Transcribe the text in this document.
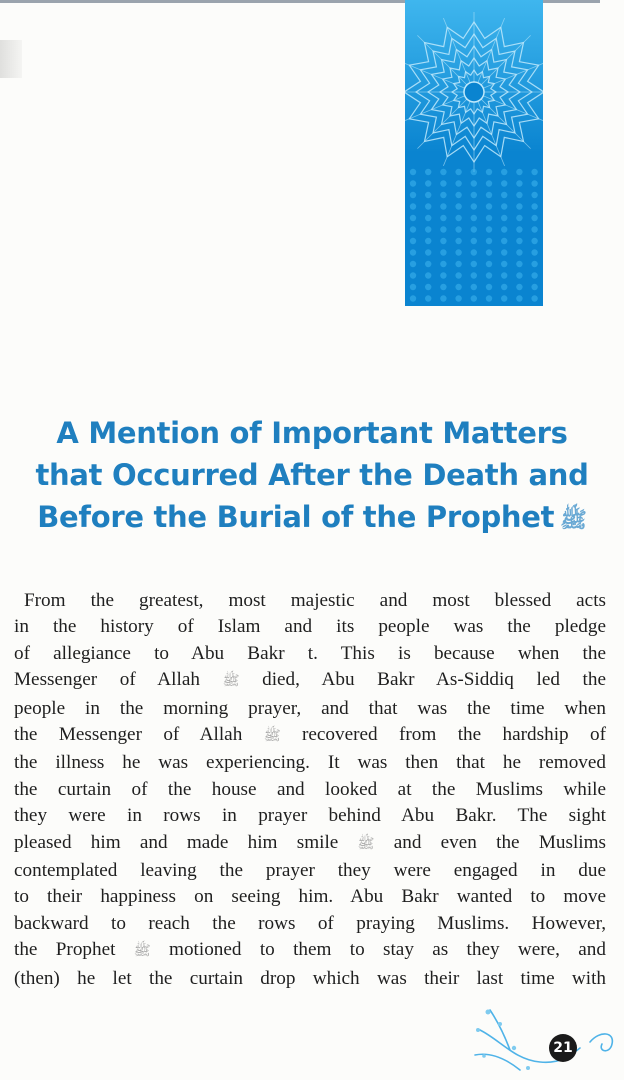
A Mention of Important Matters
that Occurred After the Death and
Before the Burial of the Prophet ﷺ
From the greatest, most majestic and most blessed acts
in the history of Islam and its people was the pledge
of allegiance to Abu Bakr t. This is because when the
Messenger of Allah ﷺ died, Abu Bakr As-Siddiq led the
people in the morning prayer, and that was the time when
the Messenger of Allah ﷺ recovered from the hardship of
the illness he was experiencing. It was then that he removed
the curtain of the house and looked at the Muslims while
they were in rows in prayer behind Abu Bakr. The sight
pleased him and made him smile ﷺ and even the Muslims
contemplated leaving the prayer they were engaged in due
to their happiness on seeing him. Abu Bakr wanted to move
backward to reach the rows of praying Muslims. However,
the Prophet ﷺ motioned to them to stay as they were, and
(then) he let the curtain drop which was their last time with
21
